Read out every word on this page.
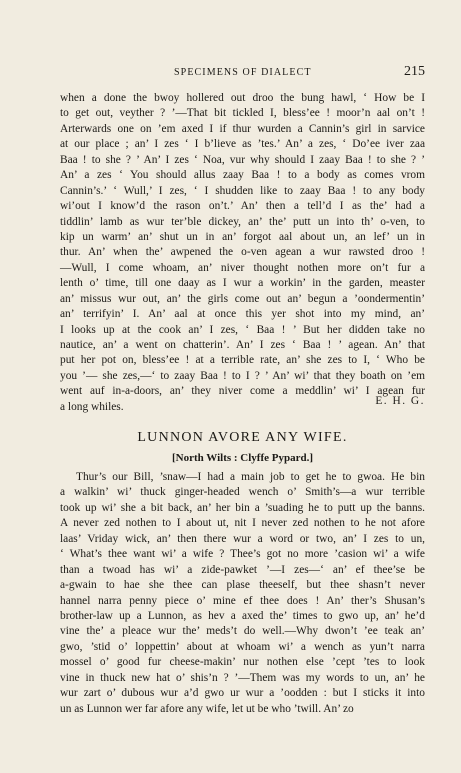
SPECIMENS OF DIALECT	215
when a done the bwoy hollered out droo the bung hawl, ‘ How be I
to get out, veyther ? ’—That bit tickled I, bless’ee ! moor’n aal on’t !
Arterwards one on ’em axed I if thur wurden a Cannin’s girl in sarvice
at our place ; an’ I zes ‘ I b’lieve as ’tes.’ An’ a zes, ‘ Do’ee iver zaa
Baa ! to she ? ’ An’ I zes ‘ Noa, vur why should I zaay Baa ! to she ? ’
An’ a zes ‘ You should allus zaay Baa ! to a body as comes vrom
Cannin’s.’ ‘ Wull,’ I zes, ‘ I shudden like to zaay Baa ! to any body
wi’out I know’d the rason on’t.’ An’ then a tell’d I as the’ had a
tiddlin’ lamb as wur ter’ble dickey, an’ the’ putt un into th’ o-ven, to
kip un warm’ an’ shut un in an’ forgot aal about un, an lef’ un in
thur. An’ when the’ awpened the o-ven agean a wur rawsted droo !
—Wull, I come whoam, an’ niver thought nothen more on’t fur a
lenth o’ time, till one daay as I wur a workin’ in the garden, measter
an’ missus wur out, an’ the girls come out an’ begun a ’oondermentin’
an’ terrifyin’ I. An’ aal at once this yer shot into my mind, an’
I looks up at the cook an’ I zes, ‘ Baa ! ’ But her didden take no
nautice, an’ a went on chatterin’. An’ I zes ‘ Baa ! ’ agean. An’ that
put her pot on, bless’ee ! at a terrible rate, an’ she zes to I, ‘ Who be
you ’— she zes,—‘ to zaay Baa ! to I ? ’ An’ wi’ that they boath on ’em
went auf in-a-doors, an’ they niver come a meddlin’ wi’ I agean fur
a long whiles.	E. H. G.
LUNNON AVORE ANY WIFE.
[North Wilts : Clyffe Pypard.]
Thur’s our Bill, ’snaw—I had a main job to get he to gwoa. He bin
a walkin’ wi’ thuck ginger-headed wench o’ Smith’s—a wur terrible
took up wi’ she a bit back, an’ her bin a ’suading he to putt up the banns.
A never zed nothen to I about ut, nit I never zed nothen to he not afore
laas’ Vriday wick, an’ then there wur a word or two, an’ I zes to un,
‘ What’s thee want wi’ a wife ? Thee’s got no more ’casion wi’ a wife
than a twoad has wi’ a zide-pawket ’—I zes—‘ an’ ef thee’se be
a-gwain to hae she thee can plase theeself, but thee shasn’t never
hannel narra penny piece o’ mine ef thee does ! An’ ther’s Shusan’s
brother-law up a Lunnon, as hev a axed the’ times to gwo up, an’ he’d
vine the’ a pleace wur the’ meds’t do well.—Why dwon’t ’ee teak an’
gwo, ’stid o’ loppettin’ about at whoam wi’ a wench as yun’t narra
mossel o’ good fur cheese-makin’ nur nothen else ’cept ’tes to look
vine in thuck new hat o’ shis’n ? ’—Them was my words to un, an’ he
wur zart o’ dubous wur a’d gwo ur wur a ’oodden : but I sticks it into
un as Lunnon wer far afore any wife, let ut be who ’twill. An’ zo
